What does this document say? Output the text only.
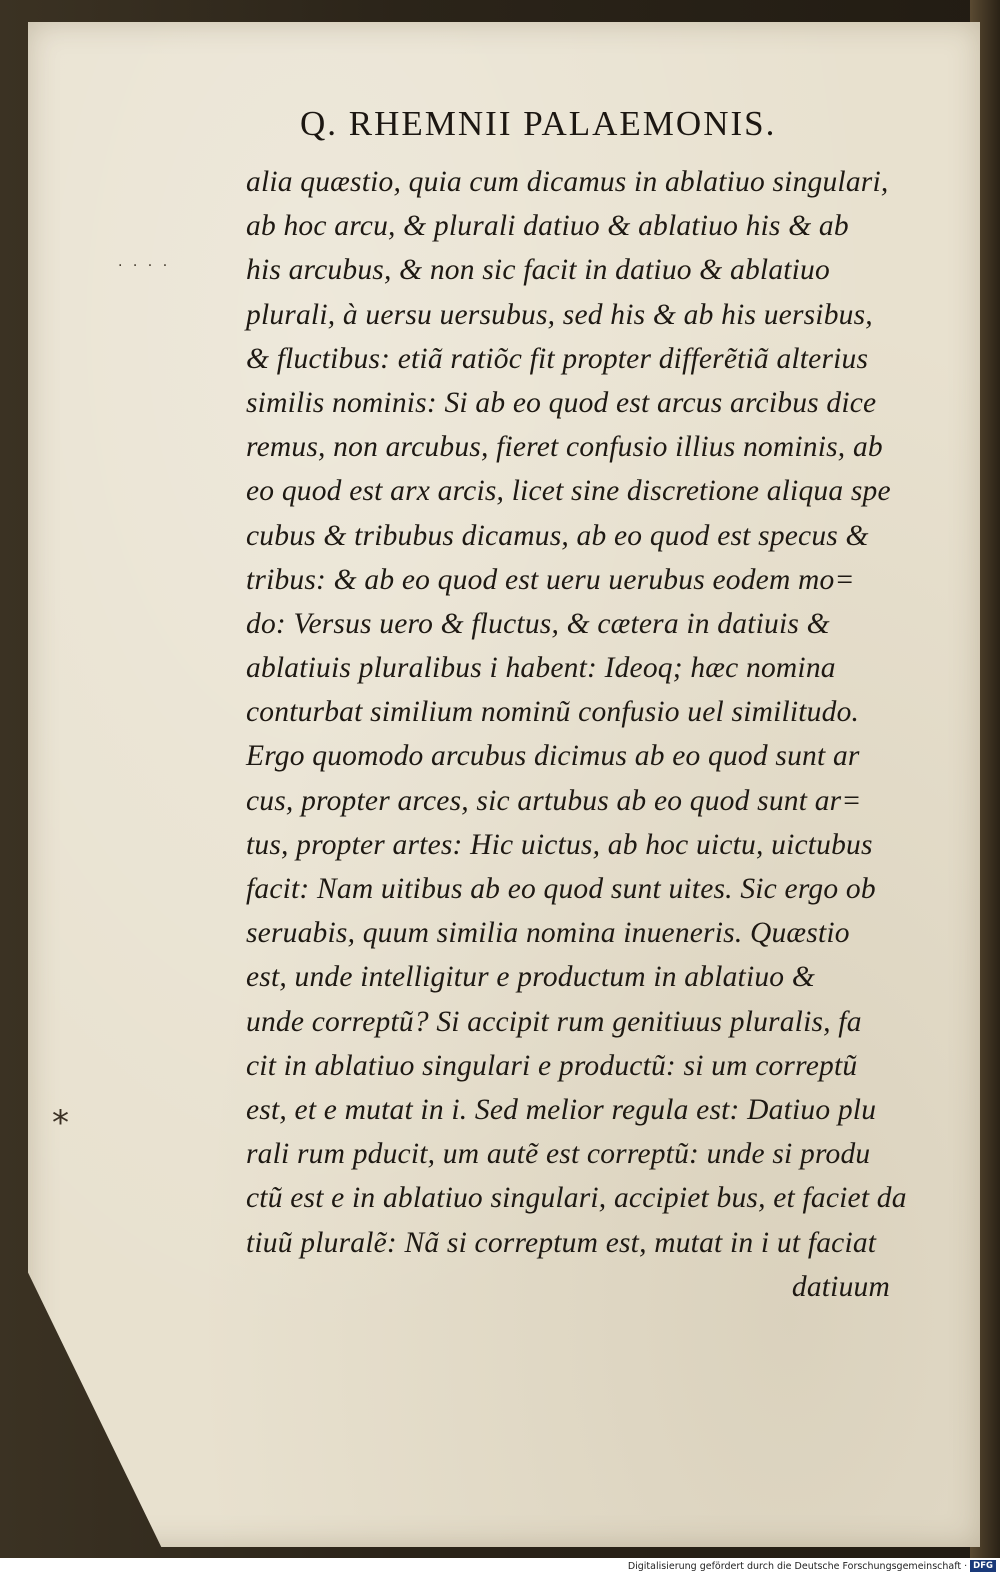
Q. RHEMNII PALAEMONIS.
alia quæstio, quia cum dicamus in ablatiuo singulari,
ab hoc arcu, & plurali datiuo & ablatiuo his & ab
his arcubus, & non sic facit in datiuo & ablatiuo
plurali, à uersu uersubus, sed his & ab his uersibus,
& fluctibus: etiã ratiõc fit propter differẽtiã alterius
similis nominis: Si ab eo quod est arcus arcibus dice
remus, non arcubus, fieret confusio illius nominis, ab
eo quod est arx arcis, licet sine discretione aliqua spe
cubus & tribubus dicamus, ab eo quod est specus &
tribus: & ab eo quod est ueru uerubus eodem mo=
do: Versus uero & fluctus, & cætera in datiuis &
ablatiuis pluralibus i habent: Ideoq; hæc nomina
conturbat similium nominũ confusio uel similitudo.
Ergo quomodo arcubus dicimus ab eo quod sunt ar
cus, propter arces, sic artubus ab eo quod sunt ar=
tus, propter artes: Hic uictus, ab hoc uictu, uictubus
facit: Nam uitibus ab eo quod sunt uites. Sic ergo ob
seruabis, quum similia nomina inueneris. Quæstio
est, unde intelligitur e productum in ablatiuo &
unde correptũ? Si accipit rum genitiuus pluralis, fa
cit in ablatiuo singulari e productũ: si um correptũ
est, et e mutat in i. Sed melior regula est: Datiuo plu
rali rum pducit, um autẽ est correptũ: unde si produ
ctũ est e in ablatiuo singulari, accipiet bus, et faciet da
tiuũ pluralẽ: Nã si correptum est, mutat in i ut faciat
datiuum
· · · ·
*
Digitalisierung gefördert durch die Deutsche Forschungsgemeinschaft · DFG
